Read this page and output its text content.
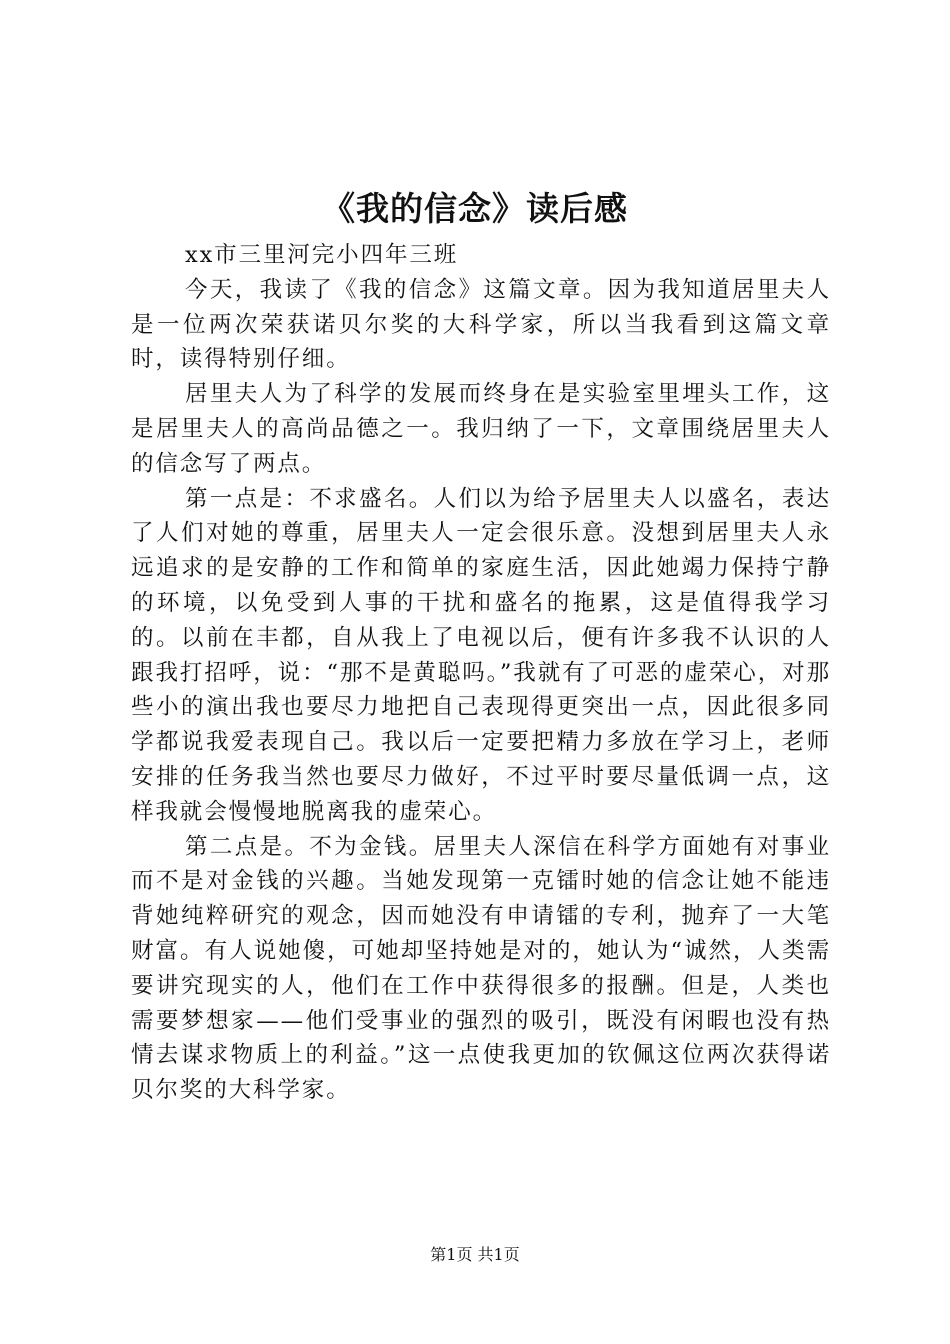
《我的信念》读后感

xx市三里河完小四年三班

今天，我读了《我的信念》这篇文章。因为我知道居里夫人是一位两次荣获诺贝尔奖的大科学家，所以当我看到这篇文章时，读得特别仔细。

居里夫人为了科学的发展而终身在是实验室里埋头工作，这是居里夫人的高尚品德之一。我归纳了一下，文章围绕居里夫人的信念写了两点。

第一点是：不求盛名。人们以为给予居里夫人以盛名，表达了人们对她的尊重，居里夫人一定会很乐意。没想到居里夫人永远追求的是安静的工作和简单的家庭生活，因此她竭力保持宁静的环境，以免受到人事的干扰和盛名的拖累，这是值得我学习的。以前在丰都，自从我上了电视以后，便有许多我不认识的人跟我打招呼，说：“那不是黄聪吗。”我就有了可恶的虚荣心，对那些小的演出我也要尽力地把自己表现得更突出一点，因此很多同学都说我爱表现自己。我以后一定要把精力多放在学习上，老师安排的任务我当然也要尽力做好，不过平时要尽量低调一点，这样我就会慢慢地脱离我的虚荣心。

第二点是。不为金钱。居里夫人深信在科学方面她有对事业而不是对金钱的兴趣。当她发现第一克镭时她的信念让她不能违背她纯粹研究的观念，因而她没有申请镭的专利，抛弃了一大笔财富。有人说她傻，可她却坚持她是对的，她认为“诚然，人类需要讲究现实的人，他们在工作中获得很多的报酬。但是，人类也需要梦想家——他们受事业的强烈的吸引，既没有闲暇也没有热情去谋求物质上的利益。”这一点使我更加的钦佩这位两次获得诺贝尔奖的大科学家。

第1页 共1页
